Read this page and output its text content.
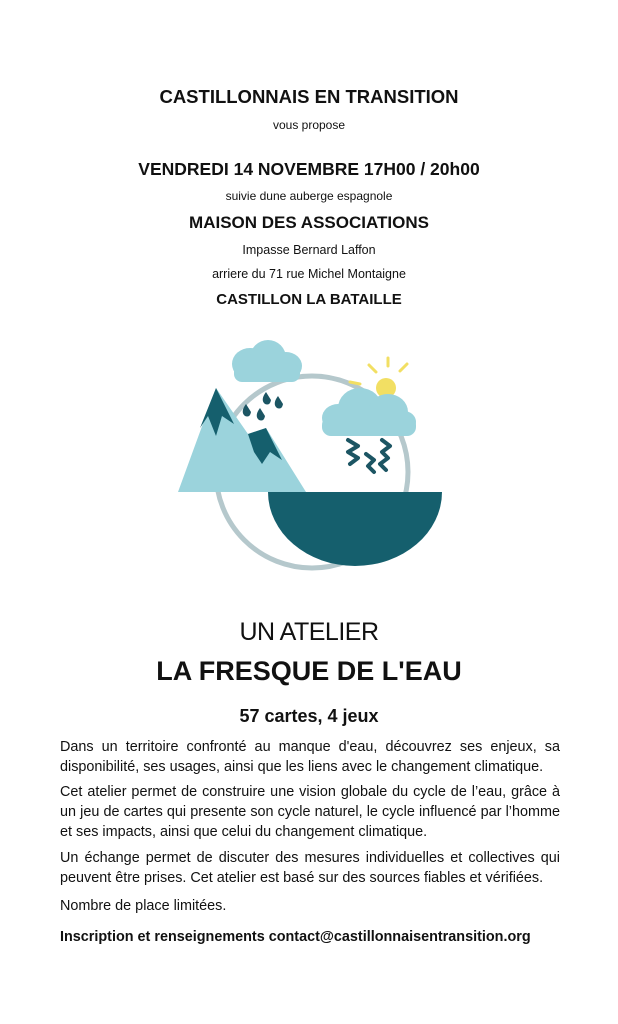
CASTILLONNAIS EN TRANSITION
vous propose
VENDREDI 14 NOVEMBRE 17H00 / 20h00
suivie dune auberge espagnole
MAISON DES ASSOCIATIONS
Impasse Bernard Laffon
arriere du 71 rue Michel Montaigne
CASTILLON LA BATAILLE
UN ATELIER
LA FRESQUE DE L'EAU
57 cartes, 4 jeux

Dans un territoire confronté au manque d'eau, découvrez ses enjeux, sa disponibilité, ses usages, ainsi que les liens avec le changement climatique.

Cet atelier permet de construire une vision globale du cycle de l’eau, grâce à un jeu de cartes qui presente son cycle naturel, le cycle influencé par l’homme et ses impacts, ainsi que celui du changement climatique.

Un échange permet de discuter des mesures individuelles et collectives qui peuvent être prises. Cet atelier est basé sur des sources fiables et vérifiées.

Nombre de place limitées.

Inscription et renseignements contact@castillonnaisentransition.org
